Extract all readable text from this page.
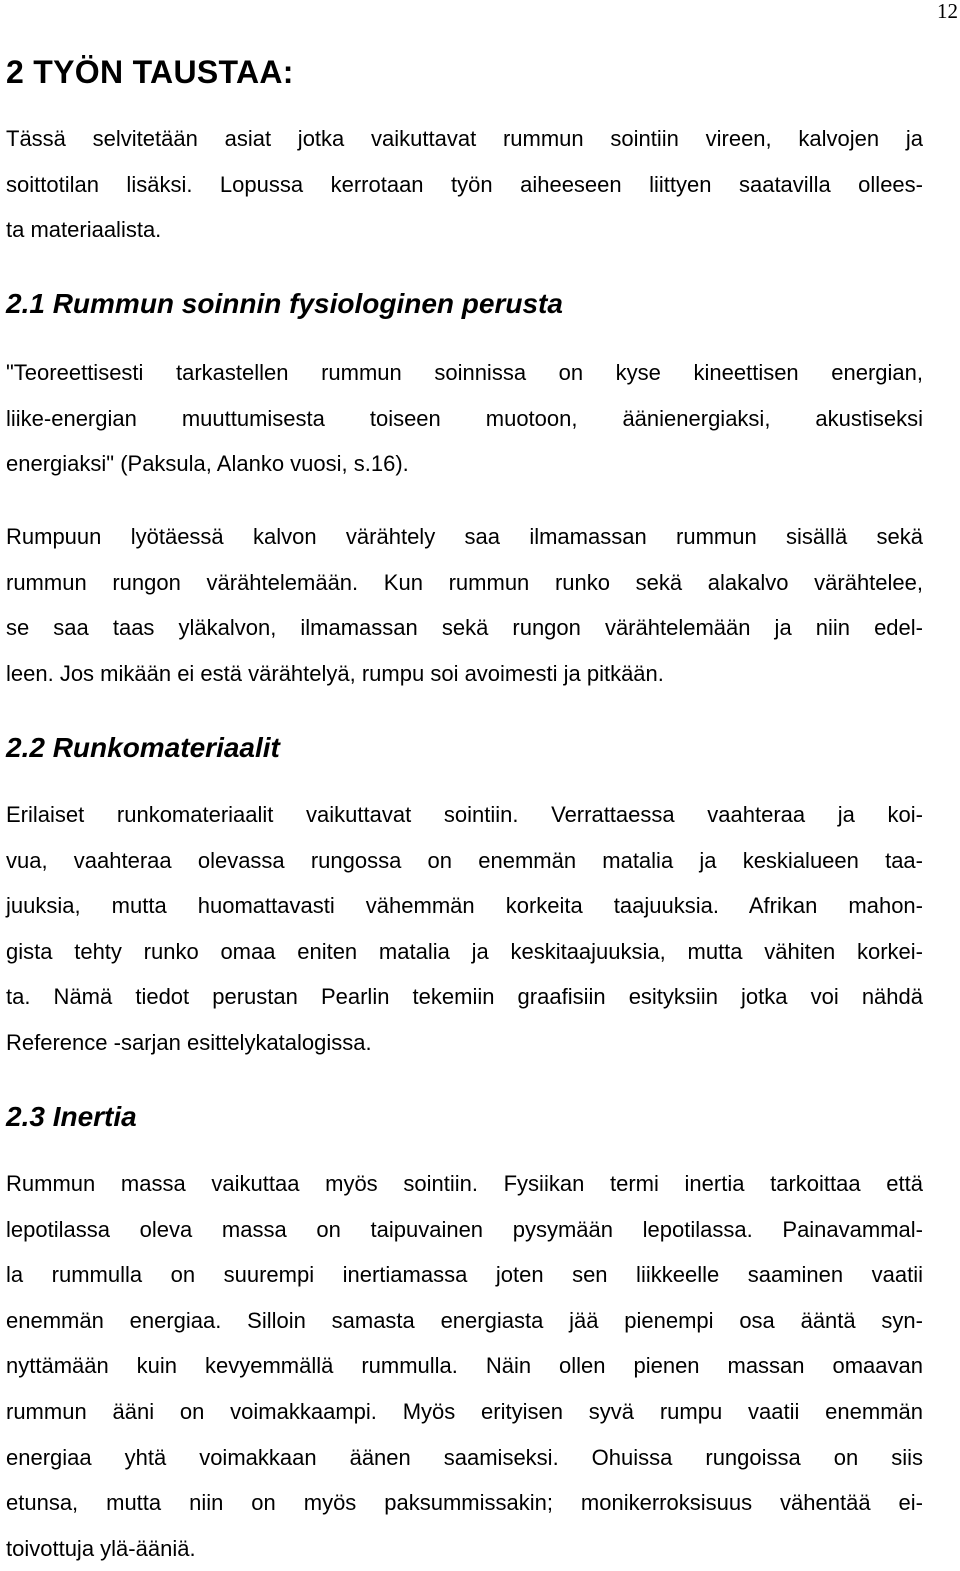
12
2 TYÖN TAUSTAA:
Tässä selvitetään asiat jotka vaikuttavat rummun sointiin vireen, kalvojen ja
soittotilan lisäksi. Lopussa kerrotaan työn aiheeseen liittyen saatavilla ollees-
ta materiaalista.
2.1 Rummun soinnin fysiologinen perusta
"Teoreettisesti tarkastellen rummun soinnissa on kyse kineettisen energian,
liike-energian muuttumisesta toiseen muotoon, äänienergiaksi, akustiseksi
energiaksi" (Paksula, Alanko vuosi, s.16).
Rumpuun lyötäessä kalvon värähtely saa ilmamassan rummun sisällä sekä
rummun rungon värähtelemään. Kun rummun runko sekä alakalvo värähtelee,
se saa taas yläkalvon, ilmamassan sekä rungon värähtelemään ja niin edel-
leen. Jos mikään ei estä värähtelyä, rumpu soi avoimesti ja pitkään.
2.2 Runkomateriaalit
Erilaiset runkomateriaalit vaikuttavat sointiin. Verrattaessa vaahteraa ja koi-
vua, vaahteraa olevassa rungossa on enemmän matalia ja keskialueen taa-
juuksia, mutta huomattavasti vähemmän korkeita taajuuksia. Afrikan mahon-
gista tehty runko omaa eniten matalia ja keskitaajuuksia, mutta vähiten korkei-
ta. Nämä tiedot perustan Pearlin tekemiin graafisiin esityksiin jotka voi nähdä
Reference -sarjan esittelykatalogissa.
2.3 Inertia
Rummun massa vaikuttaa myös sointiin. Fysiikan termi inertia tarkoittaa että
lepotilassa oleva massa on taipuvainen pysymään lepotilassa. Painavammal-
la rummulla on suurempi inertiamassa joten sen liikkeelle saaminen vaatii
enemmän energiaa. Silloin samasta energiasta jää pienempi osa ääntä syn-
nyttämään kuin kevyemmällä rummulla. Näin ollen pienen massan omaavan
rummun ääni on voimakkaampi. Myös erityisen syvä rumpu vaatii enemmän
energiaa yhtä voimakkaan äänen saamiseksi. Ohuissa rungoissa on siis
etunsa, mutta niin on myös paksummissakin; monikerroksisuus vähentää ei-
toivottuja ylä-ääniä.
